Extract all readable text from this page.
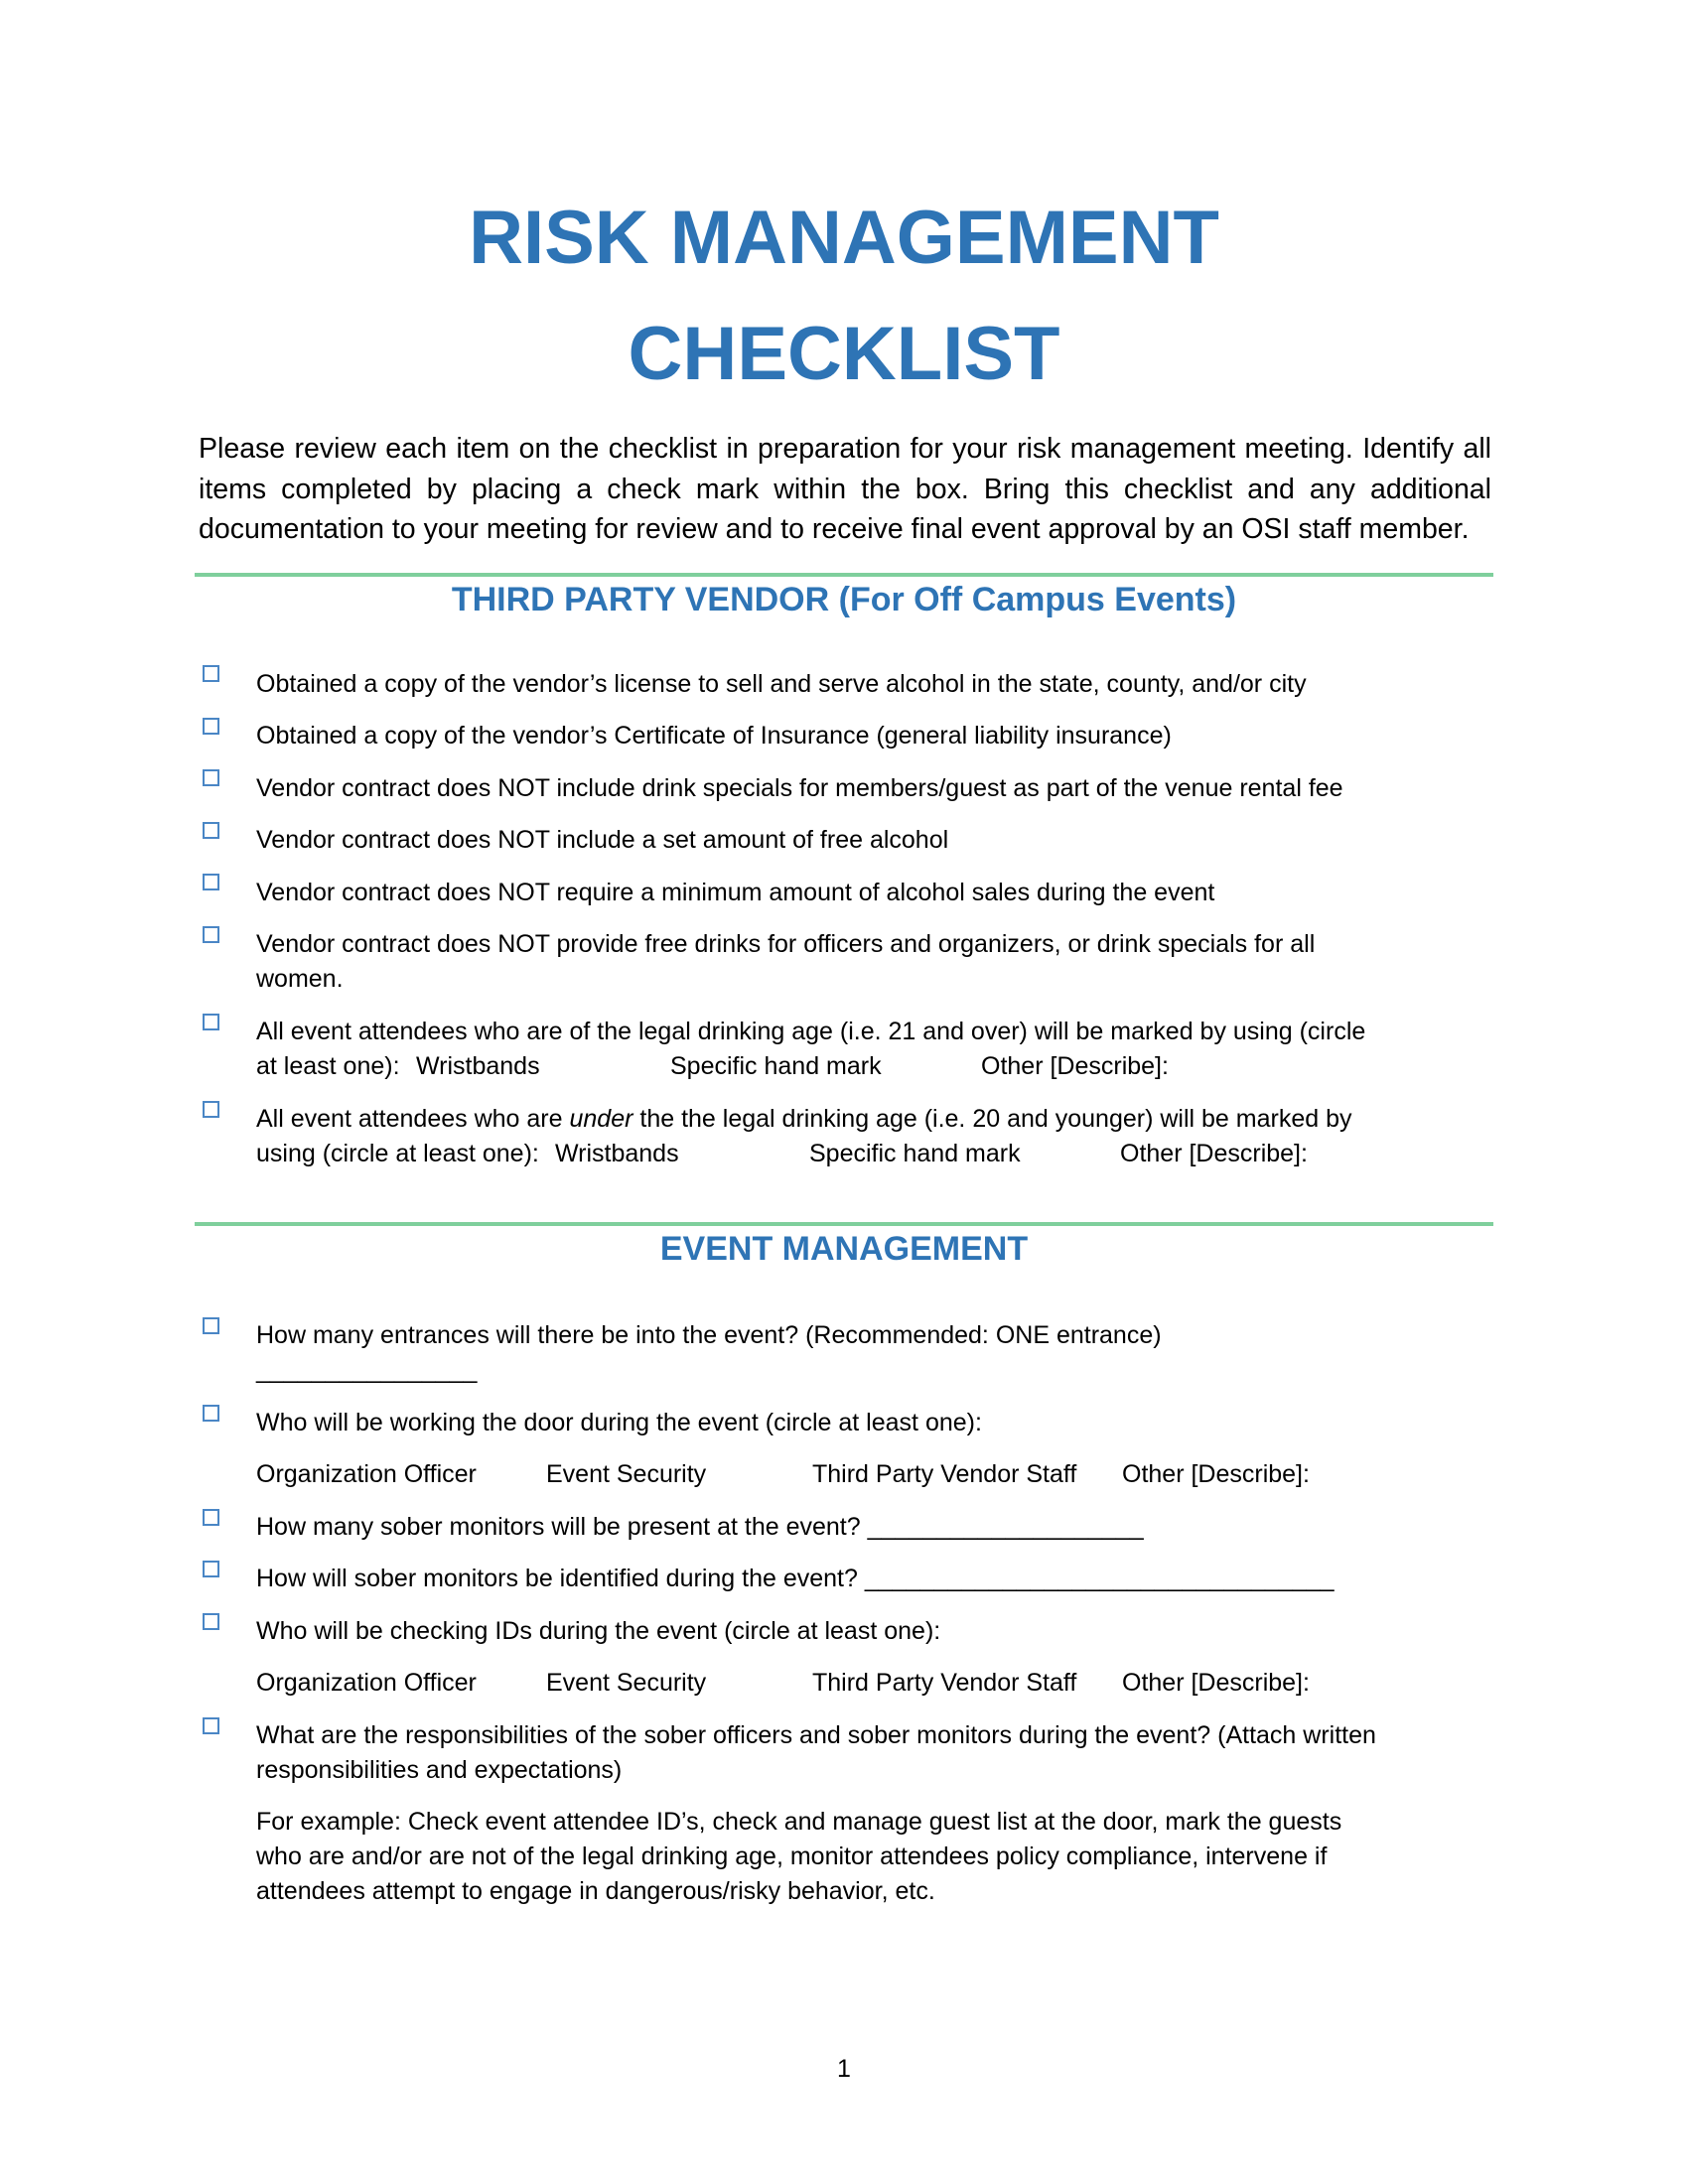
RISK MANAGEMENT
CHECKLIST

Please review each item on the checklist in preparation for your risk management meeting. Identify all items completed by placing a check mark within the box. Bring this checklist and any additional documentation to your meeting for review and to receive final event approval by an OSI staff member.

THIRD PARTY VENDOR (For Off Campus Events)

Obtained a copy of the vendor’s license to sell and serve alcohol in the state, county, and/or city

Obtained a copy of the vendor’s Certificate of Insurance (general liability insurance)

Vendor contract does NOT include drink specials for members/guest as part of the venue rental fee

Vendor contract does NOT include a set amount of free alcohol

Vendor contract does NOT require a minimum amount of alcohol sales during the event

Vendor contract does NOT provide free drinks for officers and organizers, or drink specials for all women.

All event attendees who are of the legal drinking age (i.e. 21 and over) will be marked by using (circle

at least one): Wristbands	Specific hand mark	Other [Describe]:

All event attendees who are under the the legal drinking age (i.e. 20 and younger) will be marked by

using (circle at least one): Wristbands	Specific hand mark	Other [Describe]:
EVENT MANAGEMENT

How many entrances will there be into the event? (Recommended: ONE entrance)

________________

Who will be working the door during the event (circle at least one):

Organization Officer	Event Security	Third Party Vendor Staff Other [Describe]:

How many sober monitors will be present at the event? ____________________

How will sober monitors be identified during the event? __________________________________

Who will be checking IDs during the event (circle at least one):

Organization Officer	Event Security	Third Party Vendor Staff Other [Describe]:

What are the responsibilities of the sober officers and sober monitors during the event? (Attach written responsibilities and expectations)

For example: Check event attendee ID’s, check and manage guest list at the door, mark the guests who are and/or are not of the legal drinking age, monitor attendees policy compliance, intervene if attendees attempt to engage in dangerous/risky behavior, etc.

1
